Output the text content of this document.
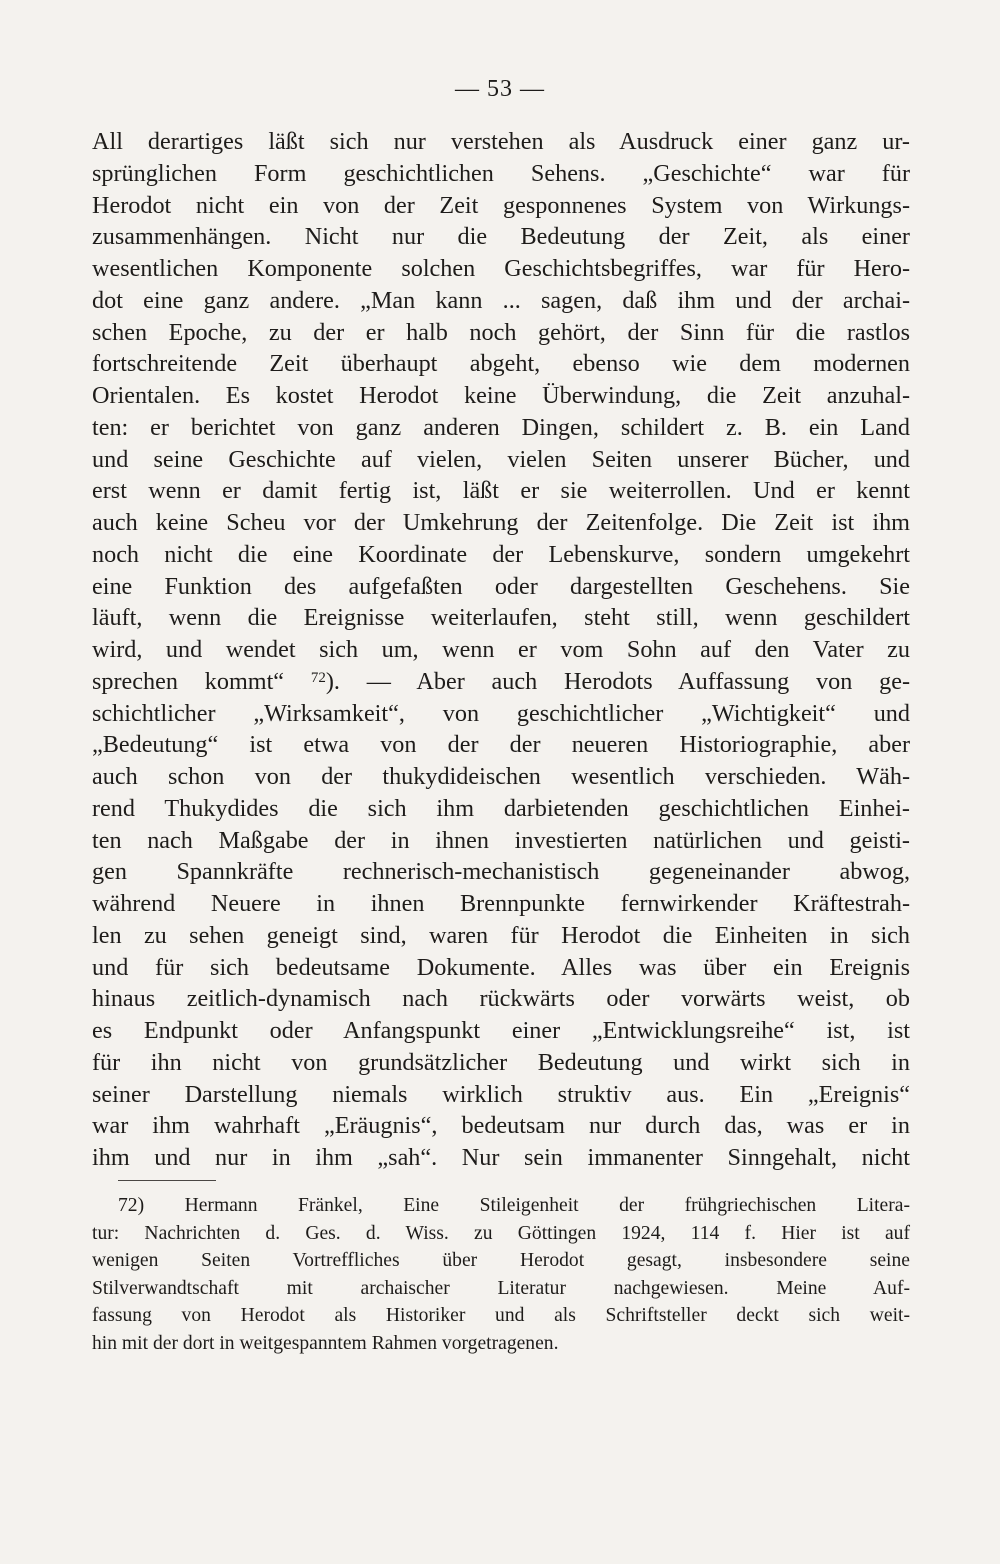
— 53 —
All derartiges läßt sich nur verstehen als Ausdruck einer ganz ur-
sprünglichen Form geschichtlichen Sehens. „Geschichte“ war für
Herodot nicht ein von der Zeit gesponnenes System von Wirkungs-
zusammenhängen. Nicht nur die Bedeutung der Zeit, als einer
wesentlichen Komponente solchen Geschichtsbegriffes, war für Hero-
dot eine ganz andere. „Man kann ... sagen, daß ihm und der archai-
schen Epoche, zu der er halb noch gehört, der Sinn für die rastlos
fortschreitende Zeit überhaupt abgeht, ebenso wie dem modernen
Orientalen. Es kostet Herodot keine Überwindung, die Zeit anzuhal-
ten: er berichtet von ganz anderen Dingen, schildert z. B. ein Land
und seine Geschichte auf vielen, vielen Seiten unserer Bücher, und
erst wenn er damit fertig ist, läßt er sie weiterrollen. Und er kennt
auch keine Scheu vor der Umkehrung der Zeitenfolge. Die Zeit ist ihm
noch nicht die eine Koordinate der Lebenskurve, sondern umgekehrt
eine Funktion des aufgefaßten oder dargestellten Geschehens. Sie
läuft, wenn die Ereignisse weiterlaufen, steht still, wenn geschildert
wird, und wendet sich um, wenn er vom Sohn auf den Vater zu
sprechen kommt“ $^{72}$). — Aber auch Herodots Auffassung von ge-
schichtlicher „Wirksamkeit“, von geschichtlicher „Wichtigkeit“ und
„Bedeutung“ ist etwa von der der neueren Historiographie, aber
auch schon von der thukydideischen wesentlich verschieden. Wäh-
rend Thukydides die sich ihm darbietenden geschichtlichen Einhei-
ten nach Maßgabe der in ihnen investierten natürlichen und geisti-
gen Spannkräfte rechnerisch-mechanistisch gegeneinander abwog,
während Neuere in ihnen Brennpunkte fernwirkender Kräftestrah-
len zu sehen geneigt sind, waren für Herodot die Einheiten in sich
und für sich bedeutsame Dokumente. Alles was über ein Ereignis
hinaus zeitlich-dynamisch nach rückwärts oder vorwärts weist, ob
es Endpunkt oder Anfangspunkt einer „Entwicklungsreihe“ ist, ist
für ihn nicht von grundsätzlicher Bedeutung und wirkt sich in
seiner Darstellung niemals wirklich struktiv aus. Ein „Ereignis“
war ihm wahrhaft „Eräugnis“, bedeutsam nur durch das, was er in
ihm und nur in ihm „sah“. Nur sein immanenter Sinngehalt, nicht
72) Hermann Fränkel, Eine Stileigenheit der frühgriechischen Litera-
tur: Nachrichten d. Ges. d. Wiss. zu Göttingen 1924, 114 f. Hier ist auf
wenigen Seiten Vortreffliches über Herodot gesagt, insbesondere seine
Stilverwandtschaft mit archaischer Literatur nachgewiesen. Meine Auf-
fassung von Herodot als Historiker und als Schriftsteller deckt sich weit-
hin mit der dort in weitgespanntem Rahmen vorgetragenen.
